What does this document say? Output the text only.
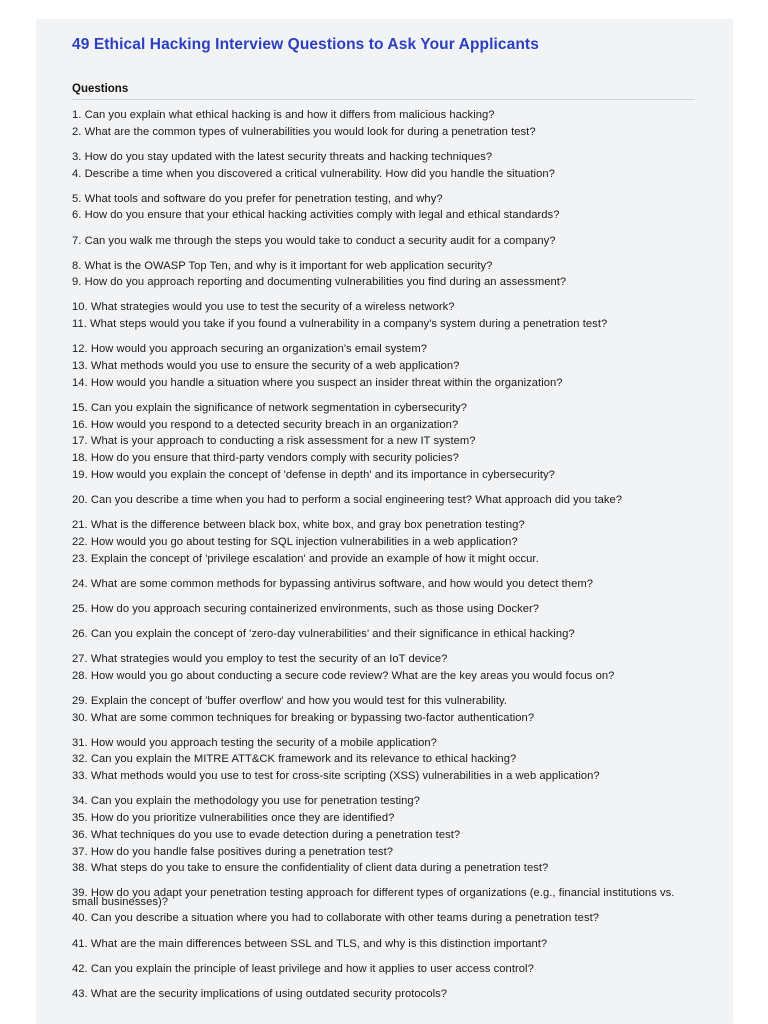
49 Ethical Hacking Interview Questions to Ask Your Applicants
Questions
1. Can you explain what ethical hacking is and how it differs from malicious hacking?
2. What are the common types of vulnerabilities you would look for during a penetration test?
3. How do you stay updated with the latest security threats and hacking techniques?
4. Describe a time when you discovered a critical vulnerability. How did you handle the situation?
5. What tools and software do you prefer for penetration testing, and why?
6. How do you ensure that your ethical hacking activities comply with legal and ethical standards?
7. Can you walk me through the steps you would take to conduct a security audit for a company?
8. What is the OWASP Top Ten, and why is it important for web application security?
9. How do you approach reporting and documenting vulnerabilities you find during an assessment?
10. What strategies would you use to test the security of a wireless network?
11. What steps would you take if you found a vulnerability in a company's system during a penetration test?
12. How would you approach securing an organization's email system?
13. What methods would you use to ensure the security of a web application?
14. How would you handle a situation where you suspect an insider threat within the organization?
15. Can you explain the significance of network segmentation in cybersecurity?
16. How would you respond to a detected security breach in an organization?
17. What is your approach to conducting a risk assessment for a new IT system?
18. How do you ensure that third-party vendors comply with security policies?
19. How would you explain the concept of 'defense in depth' and its importance in cybersecurity?
20. Can you describe a time when you had to perform a social engineering test? What approach did you take?
21. What is the difference between black box, white box, and gray box penetration testing?
22. How would you go about testing for SQL injection vulnerabilities in a web application?
23. Explain the concept of 'privilege escalation' and provide an example of how it might occur.
24. What are some common methods for bypassing antivirus software, and how would you detect them?
25. How do you approach securing containerized environments, such as those using Docker?
26. Can you explain the concept of 'zero-day vulnerabilities' and their significance in ethical hacking?
27. What strategies would you employ to test the security of an IoT device?
28. How would you go about conducting a secure code review? What are the key areas you would focus on?
29. Explain the concept of 'buffer overflow' and how you would test for this vulnerability.
30. What are some common techniques for breaking or bypassing two-factor authentication?
31. How would you approach testing the security of a mobile application?
32. Can you explain the MITRE ATT&CK framework and its relevance to ethical hacking?
33. What methods would you use to test for cross-site scripting (XSS) vulnerabilities in a web application?
34. Can you explain the methodology you use for penetration testing?
35. How do you prioritize vulnerabilities once they are identified?
36. What techniques do you use to evade detection during a penetration test?
37. How do you handle false positives during a penetration test?
38. What steps do you take to ensure the confidentiality of client data during a penetration test?
39. How do you adapt your penetration testing approach for different types of organizations (e.g., financial institutions vs. small businesses)?
40. Can you describe a situation where you had to collaborate with other teams during a penetration test?
41. What are the main differences between SSL and TLS, and why is this distinction important?
42. Can you explain the principle of least privilege and how it applies to user access control?
43. What are the security implications of using outdated security protocols?
